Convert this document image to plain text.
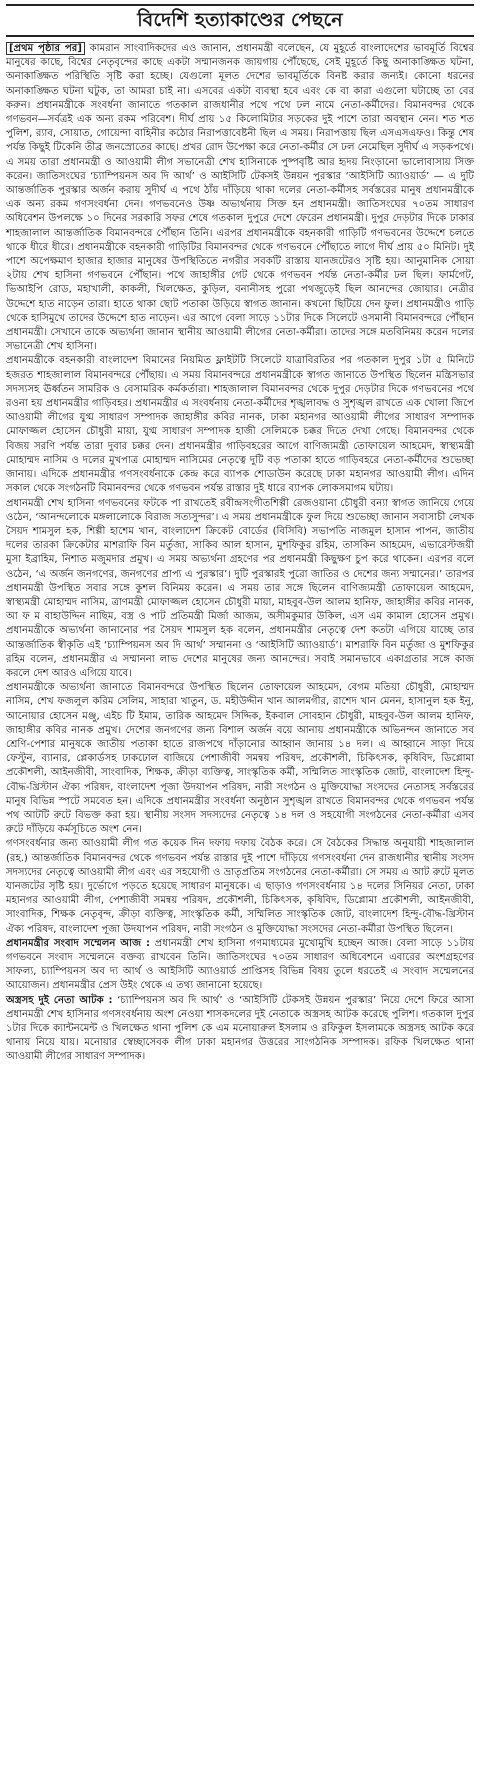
বিদেশি হত্যাকাণ্ডের পেছনে

[প্রথম পৃষ্ঠার পর] কামরান সাংবাদিকদের এও জানান, প্রধানমন্ত্রী বলেছেন, যে মুহূর্তে বাংলাদেশের ভাবমূর্তি বিশ্বের মানুষের কাছে, বিশ্বের নেতৃবৃন্দের কাছে একটা সম্মানজনক জায়গায় পৌঁছেছে, সেই মুহূর্তে কিছু অনাকাঙ্ক্ষিত ঘটনা, অনাকাঙ্ক্ষিত পরিস্থিতি সৃষ্টি করা হচ্ছে। যেগুলো মূলত দেশের ভাবমূর্তিকে বিনষ্ট করার জন্যই। কোনো ধরনের অনাকাঙ্ক্ষিত ঘটনা ঘটুক, তা আমরা চাই না। এসবের একটা ব্যবস্থা হবে এবং কে বা কারা এগুলো ঘটাচ্ছে তা বের করুন। প্রধানমন্ত্রীকে সংবর্ধনা জানাতে গতকাল রাজধানীর পথে পথে ঢল নামে নেতা-কর্মীদের। বিমানবন্দর থেকে গণভবন—সর্বত্রই এক অন্য রকম পরিবেশ। দীর্ঘ প্রায় ১৫ কিলোমিটার সড়কের দুই পাশে তারা অবস্থান নেন। শত শত পুলিশ, র‍্যাব, সোয়াত, গোয়েন্দা বাহিনীর কঠোর নিরাপত্তাবেষ্টনী ছিল এ সময়। নিরাপত্তায় ছিল এসএসএফও। কিন্তু শেষ পর্যন্ত কিছুই টিকেনি তীব্র জনস্রোতের কাছে। প্রখর রোদ উপেক্ষা করে নেতা-কর্মীর সে ঢল নেমেছিল সুদীর্ঘ এ সড়কপথে। এ সময় তারা প্রধানমন্ত্রী ও আওয়ামী লীগ সভানেত্রী শেখ হাসিনাকে পুষ্পবৃষ্টি আর হৃদয় নিংড়ানো ভালোবাসায় সিক্ত করেন। জাতিসংঘের ‘চ্যাম্পিয়নস অব দি আর্থ’ ও আইসিটি টেকসই উন্নয়ন পুরস্কার ‘আইসিটি অ্যাওয়ার্ড’ — এ দুটি আন্তর্জাতিক পুরস্কার অর্জন করায় সুদীর্ঘ এ পথে ঠাঁয় দাঁড়িয়ে থাকা দলের নেতা-কর্মীসহ সর্বস্তরের মানুষ প্রধানমন্ত্রীকে এক অন্য রকম গণসংবর্ধনা দেন। গণভবনেও উষ্ণ অভ্যর্থনায় সিক্ত হন প্রধানমন্ত্রী। জাতিসংঘের ৭০তম সাধারণ অধিবেশন উপলক্ষে ১০ দিনের সরকারি সফর শেষে গতকাল দুপুরে দেশে ফেরেন প্রধানমন্ত্রী। দুপুর দেড়টার দিকে ঢাকার শাহজালাল আন্তর্জাতিক বিমানবন্দরে পৌঁছান তিনি। এরপর প্রধানমন্ত্রীকে বহনকারী গাড়িটি গণভবনের উদ্দেশে চলতে থাকে ধীরে ধীরে। প্রধানমন্ত্রীকে বহনকারী গাড়িটির বিমানবন্দর থেকে গণভবনে পৌঁছাতে লাগে দীর্ঘ প্রায় ৫০ মিনিট। দুই পাশে অপেক্ষমাণ হাজার হাজার মানুষের উপস্থিতিতে নগরীর সবকটি রাস্তায় যানজটেরও সৃষ্টি হয়। আনুমানিক সোয়া ২টায় শেখ হাসিনা গণভবনে পৌঁছান। পথে জাহাঙ্গীর গেট থেকে গণভবন পর্যন্ত নেতা-কর্মীর ঢল ছিল। ফার্মগেট, ভিআইপি রোড, মহাখালী, কাকলী, খিলক্ষেত, কুড়িল, বনানীসহ পুরো পথজুড়েই ছিল আনন্দের জোয়ার। নেত্রীর উদ্দেশে হাত নাড়েন তারা। হাতে থাকা ছোট পতাকা উড়িয়ে স্বাগত জানান। কখনো ছিটিয়ে দেন ফুল। প্রধানমন্ত্রীও গাড়ি থেকে হাসিমুখে তাদের উদ্দেশে হাত নাড়েন। এর আগে বেলা সাড়ে ১১টার দিকে সিলেটে ওসমানী বিমানবন্দরে পৌঁছান প্রধানমন্ত্রী। সেখানে তাকে অভ্যর্থনা জানান স্থানীয় আওয়ামী লীগের নেতা-কর্মীরা। তাদের সঙ্গে মতবিনিময় করেন দলের সভানেত্রী শেখ হাসিনা।

প্রধানমন্ত্রীকে বহনকারী বাংলাদেশ বিমানের নিয়মিত ফ্লাইটটি সিলেটে যাত্রাবিরতির পর গতকাল দুপুর ১টা ৫ মিনিটে হজরত শাহজালাল বিমানবন্দরে পৌঁছায়। এ সময় বিমানবন্দরে প্রধানমন্ত্রীকে স্বাগত জানাতে উপস্থিত ছিলেন মন্ত্রিসভার সদস্যসহ ঊর্ধ্বতন সামরিক ও বেসামরিক কর্মকর্তারা। শাহজালাল বিমানবন্দর থেকে দুপুর দেড়টার দিকে গণভবনের পথে রওনা হয় প্রধানমন্ত্রীর গাড়িবহর। প্রধানমন্ত্রীর এ সংবর্ধনায় নেতা-কর্মীদের শৃঙ্খলাবদ্ধ ও সুশৃঙ্খল রাখতে এক খোলা জিপে আওয়ামী লীগের যুগ্ম সাধারণ সম্পাদক জাহাঙ্গীর কবির নানক, ঢাকা মহানগর আওয়ামী লীগের সাধারণ সম্পাদক মোফাজ্জল হোসেন চৌধুরী মায়া, যুগ্ম সাধারণ সম্পাদক হাজী সেলিমকে চক্কর দিতে দেখা গেছে। বিমানবন্দর থেকে বিজয় সরণি পর্যন্ত তারা দুবার চক্কর দেন। প্রধানমন্ত্রীর গাড়িবহরের আগে বাণিজ্যমন্ত্রী তোফায়েল আহমেদ, স্বাস্থ্যমন্ত্রী মোহাম্মদ নাসিম ও দলের মুখপাত্র মোহাম্মদ নাসিমের নেতৃত্বে দুটি বড় পতাকা হাতে গাড়িবহরে নেতা-কর্মীদের শুভেচ্ছা জানায়। এদিকে প্রধানমন্ত্রীর গণসংবর্ধনাকে কেন্দ্র করে ব্যাপক শোডাউন করেছে ঢাকা মহানগর আওয়ামী লীগ। এদিন সকাল থেকে সংগঠনটি বিমানবন্দর থেকে গণভবন পর্যন্ত রাস্তার দুই ধারে ব্যাপক লোকসমাগম ঘটায়।

প্রধানমন্ত্রী শেখ হাসিনা গণভবনের ফটকে পা রাখতেই রবীন্দ্রসংগীতশিল্পী রেজওয়ানা চৌধুরী বন্যা স্বাগত জানিয়ে গেয়ে ওঠেন, ‘আনন্দলোকে মঙ্গলালোকে বিরাজ সত্যসুন্দর’। এ সময় প্রধানমন্ত্রীকে ফুল দিয়ে শুভেচ্ছা জানান সবাসাচী লেখক সৈয়দ শামসুল হক, শিল্পী হাশেম খান, বাংলাদেশ ক্রিকেট বোর্ডের (বিসিবি) সভাপতি নাজমুল হাসান পাপন, জাতীয় দলের তারকা ক্রিকেটার মাশরাফি বিন মর্তুজা, সাকিব আল হাসান, মুশফিকুর রহিম, তাসকিন আহমেদ, এভারেস্টজয়ী মুসা ইব্রাহিম, নিশাত মজুমদার প্রমুখ। এ সময় অভ্যর্থনা গ্রহণের পর প্রধানমন্ত্রী কিছুক্ষণ চুপ করে থাকেন। এরপর বলে ওঠেন, ‘এ অর্জন জনগণের, জনগণের প্রাপ্য এ পুরস্কার’। দুটি পুরস্কারই পুরো জাতির ও দেশের জন্য সম্মানের।’ তারপর প্রধানমন্ত্রী উপস্থিত সবার সঙ্গে কুশল বিনিময় করেন। এ সময় তার সঙ্গে ছিলেন বাণিজ্যমন্ত্রী তোফায়েল আহমেদ, স্বাস্থ্যমন্ত্রী মোহাম্মদ নাসিম, ত্রাণমন্ত্রী মোফাজ্জল হোসেন চৌধুরী মায়া, মাহবুব-উল আলম হানিফ, জাহাঙ্গীর কবির নানক, আ ফ ম বাহাউদ্দিন নাছিম, বস্ত্র ও পাট প্রতিমন্ত্রী মির্জা আজম, অসীমকুমার উকিল, এস এম কামাল হোসেন প্রমুখ। প্রধানমন্ত্রীকে অভ্যর্থনা জানানোর পর সৈয়দ শামসুল হক বলেন, প্রধানমন্ত্রীর নেতৃত্বে দেশ কতটা এগিয়ে যাচ্ছে তার আন্তর্জাতিক স্বীকৃতি এই ‘চ্যাম্পিয়নস অব দি আর্থ’ সম্মাননা ও ‘আইসিটি অ্যাওয়ার্ড’। মাশরাফি বিন মর্তুজা ও মুশফিকুর রহিম বলেন, প্রধানমন্ত্রীর এ সম্মাননা লাভ দেশের মানুষের জন্য আনন্দের। সবাই সমানভাবে একাগ্রতার সঙ্গে কাজ করলে দেশ আরও এগিয়ে যাবে।

প্রধানমন্ত্রীকে অভ্যর্থনা জানাতে বিমানবন্দরে উপস্থিত ছিলেন তোফায়েল আহমেদ, বেগম মতিয়া চৌধুরী, মোহাম্মদ নাসিম, শেখ ফজলুল করিম সেলিম, সাহারা খাতুন, ড. মহীউদ্দীন খান আলমগীর, রাশেদ খান মেনন, হাসানুল হক ইনু, আনোয়ার হোসেন মঞ্জু, এইচ টি ইমাম, তারিক আহমেদ সিদ্দিক, ইকবাল সোবহান চৌধুরী, মাহবুব-উল আলম হানিফ, জাহাঙ্গীর কবির নানক প্রমুখ। দেশের জনগণের জন্য বিশাল অর্জন বয়ে আনায় প্রধানমন্ত্রীকে অভিনন্দন জানাতে সব শ্রেণি-পেশার মানুষকে জাতীয় পতাকা হাতে রাজপথে দাঁড়ানোর আহ্বান জানায় ১৪ দল। এ আহ্বানে সাড়া দিয়ে ফেস্টুন, ব্যানার, প্লেকার্ডসহ ঢাকঢোল বাজিয়ে পেশাজীবী সমন্বয় পরিষদ, প্রকৌশলী, চিকিৎসক, কৃষিবিদ, ডিপ্লোমা প্রকৌশলী, আইনজীবী, সাংবাদিক, শিক্ষক, ক্রীড়া ব্যক্তিত্ব, সাংস্কৃতিক কর্মী, সম্মিলিত সাংস্কৃতিক জোট, বাংলাদেশ হিন্দু-বৌদ্ধ-খ্রিস্টান ঐক্য পরিষদ, বাংলাদেশ পূজা উদযাপন পরিষদ, নারী সংগঠন ও মুক্তিযোদ্ধা সংসদের নেতাসহ সর্বস্তরের মানুষ বিভিন্ন স্পটে সমবেত হন। এদিকে প্রধানমন্ত্রীর সংবর্ধনা অনুষ্ঠান সুশৃঙ্খল রাখতে বিমানবন্দর থেকে গণভবন পর্যন্ত পথ আটটি রুটে বিভক্ত করা হয়। স্থানীয় সংসদ সদস্যদের নেতৃত্বে ১৪ দল ও সহযোগী সংগঠনের নেতা-কর্মীরা এসব রুটে দাঁড়িয়ে কর্মসূচিতে অংশ নেন।

গণসংবর্ধনার জন্য আওয়ামী লীগ গত কয়েক দিন দফায় দফায় বৈঠক করে। সে বৈঠকের সিদ্ধান্ত অনুযায়ী শাহজালাল (রহ.) আন্তর্জাতিক বিমানবন্দর থেকে গণভবন পর্যন্ত রাস্তার দুই পাশে দাঁড়িয়ে গণসংবর্ধনা দেন রাজধানীর স্থানীয় সংসদ সদস্যদের নেতৃত্বে আওয়ামী লীগ এবং এর সহযোগী ও ভ্রাতৃপ্রতিম সংগঠনের নেতা-কর্মীরা। সে সময় এ আট রুটে মূলত যানজটের সৃষ্টি হয়। দুর্ভোগে পড়তে হয়েছে সাধারণ মানুষকে। এ ছাড়াও গণসংবর্ধনায় ১৪ দলের সিনিয়র নেতা, ঢাকা মহানগর আওয়ামী লীগ, পেশাজীবী সমন্বয় পরিষদ, প্রকৌশলী, চিকিৎসক, কৃষিবিদ, ডিপ্লোমা প্রকৌশলী, আইনজীবী, সাংবাদিক, শিক্ষক নেতৃবৃন্দ, ক্রীড়া ব্যক্তিত্ব, সাংস্কৃতিক কর্মী, সম্মিলিত সাংস্কৃতিক জোট, বাংলাদেশ হিন্দু-বৌদ্ধ-খ্রিস্টান ঐক্য পরিষদ, বাংলাদেশ পূজা উদযাপন পরিষদ, নারী সংগঠন ও মুক্তিযোদ্ধা সংসদের নেতা-কর্মীরা উপস্থিত ছিলেন।

প্রধানমন্ত্রীর সংবাদ সম্মেলন আজ : প্রধানমন্ত্রী শেখ হাসিনা গণমাধ্যমের মুখোমুখি হচ্ছেন আজ। বেলা সাড়ে ১১টায় গণভবনে সংবাদ সম্মেলনে বক্তব্য রাখবেন তিনি। জাতিসংঘের ৭০তম সাধারণ অধিবেশনে এবারের অংশগ্রহণের সাফল্য, চ্যাম্পিয়নস অব দ্য আর্থ ও আইসিটি অ্যাওয়ার্ড প্রাপ্তিসহ বিভিন্ন বিষয় তুলে ধরতেই এ সংবাদ সম্মেলনের আয়োজন। প্রধানমন্ত্রীর প্রেস উইং থেকে এ তথ্য জানানো হয়েছে।

অস্ত্রসহ দুই নেতা আটক : ‘চ্যাম্পিয়নস অব দি আর্থ’ ও ‘আইসিটি টেকসই উন্নয়ন পুরস্কার’ নিয়ে দেশে ফিরে আসা প্রধানমন্ত্রী শেখ হাসিনার গণসংবর্ধনায় অংশ নেওয়া শাসকদলের দুই নেতাকে অস্ত্রসহ আটক করেছে পুলিশ। গতকাল দুপুর ১টার দিকে ক্যান্টনমেন্ট ও খিলক্ষেত থানা পুলিশ কে এম মনোয়ারুল ইসলাম ও রফিকুল ইসলামকে অস্ত্রসহ আটক করে থানায় নিয়ে যায়। মনোয়ার স্বেচ্ছাসেবক লীগ ঢাকা মহানগর উত্তরের সাংগঠনিক সম্পাদক। রফিক খিলক্ষেত থানা আওয়ামী লীগের সাধারণ সম্পাদক।
